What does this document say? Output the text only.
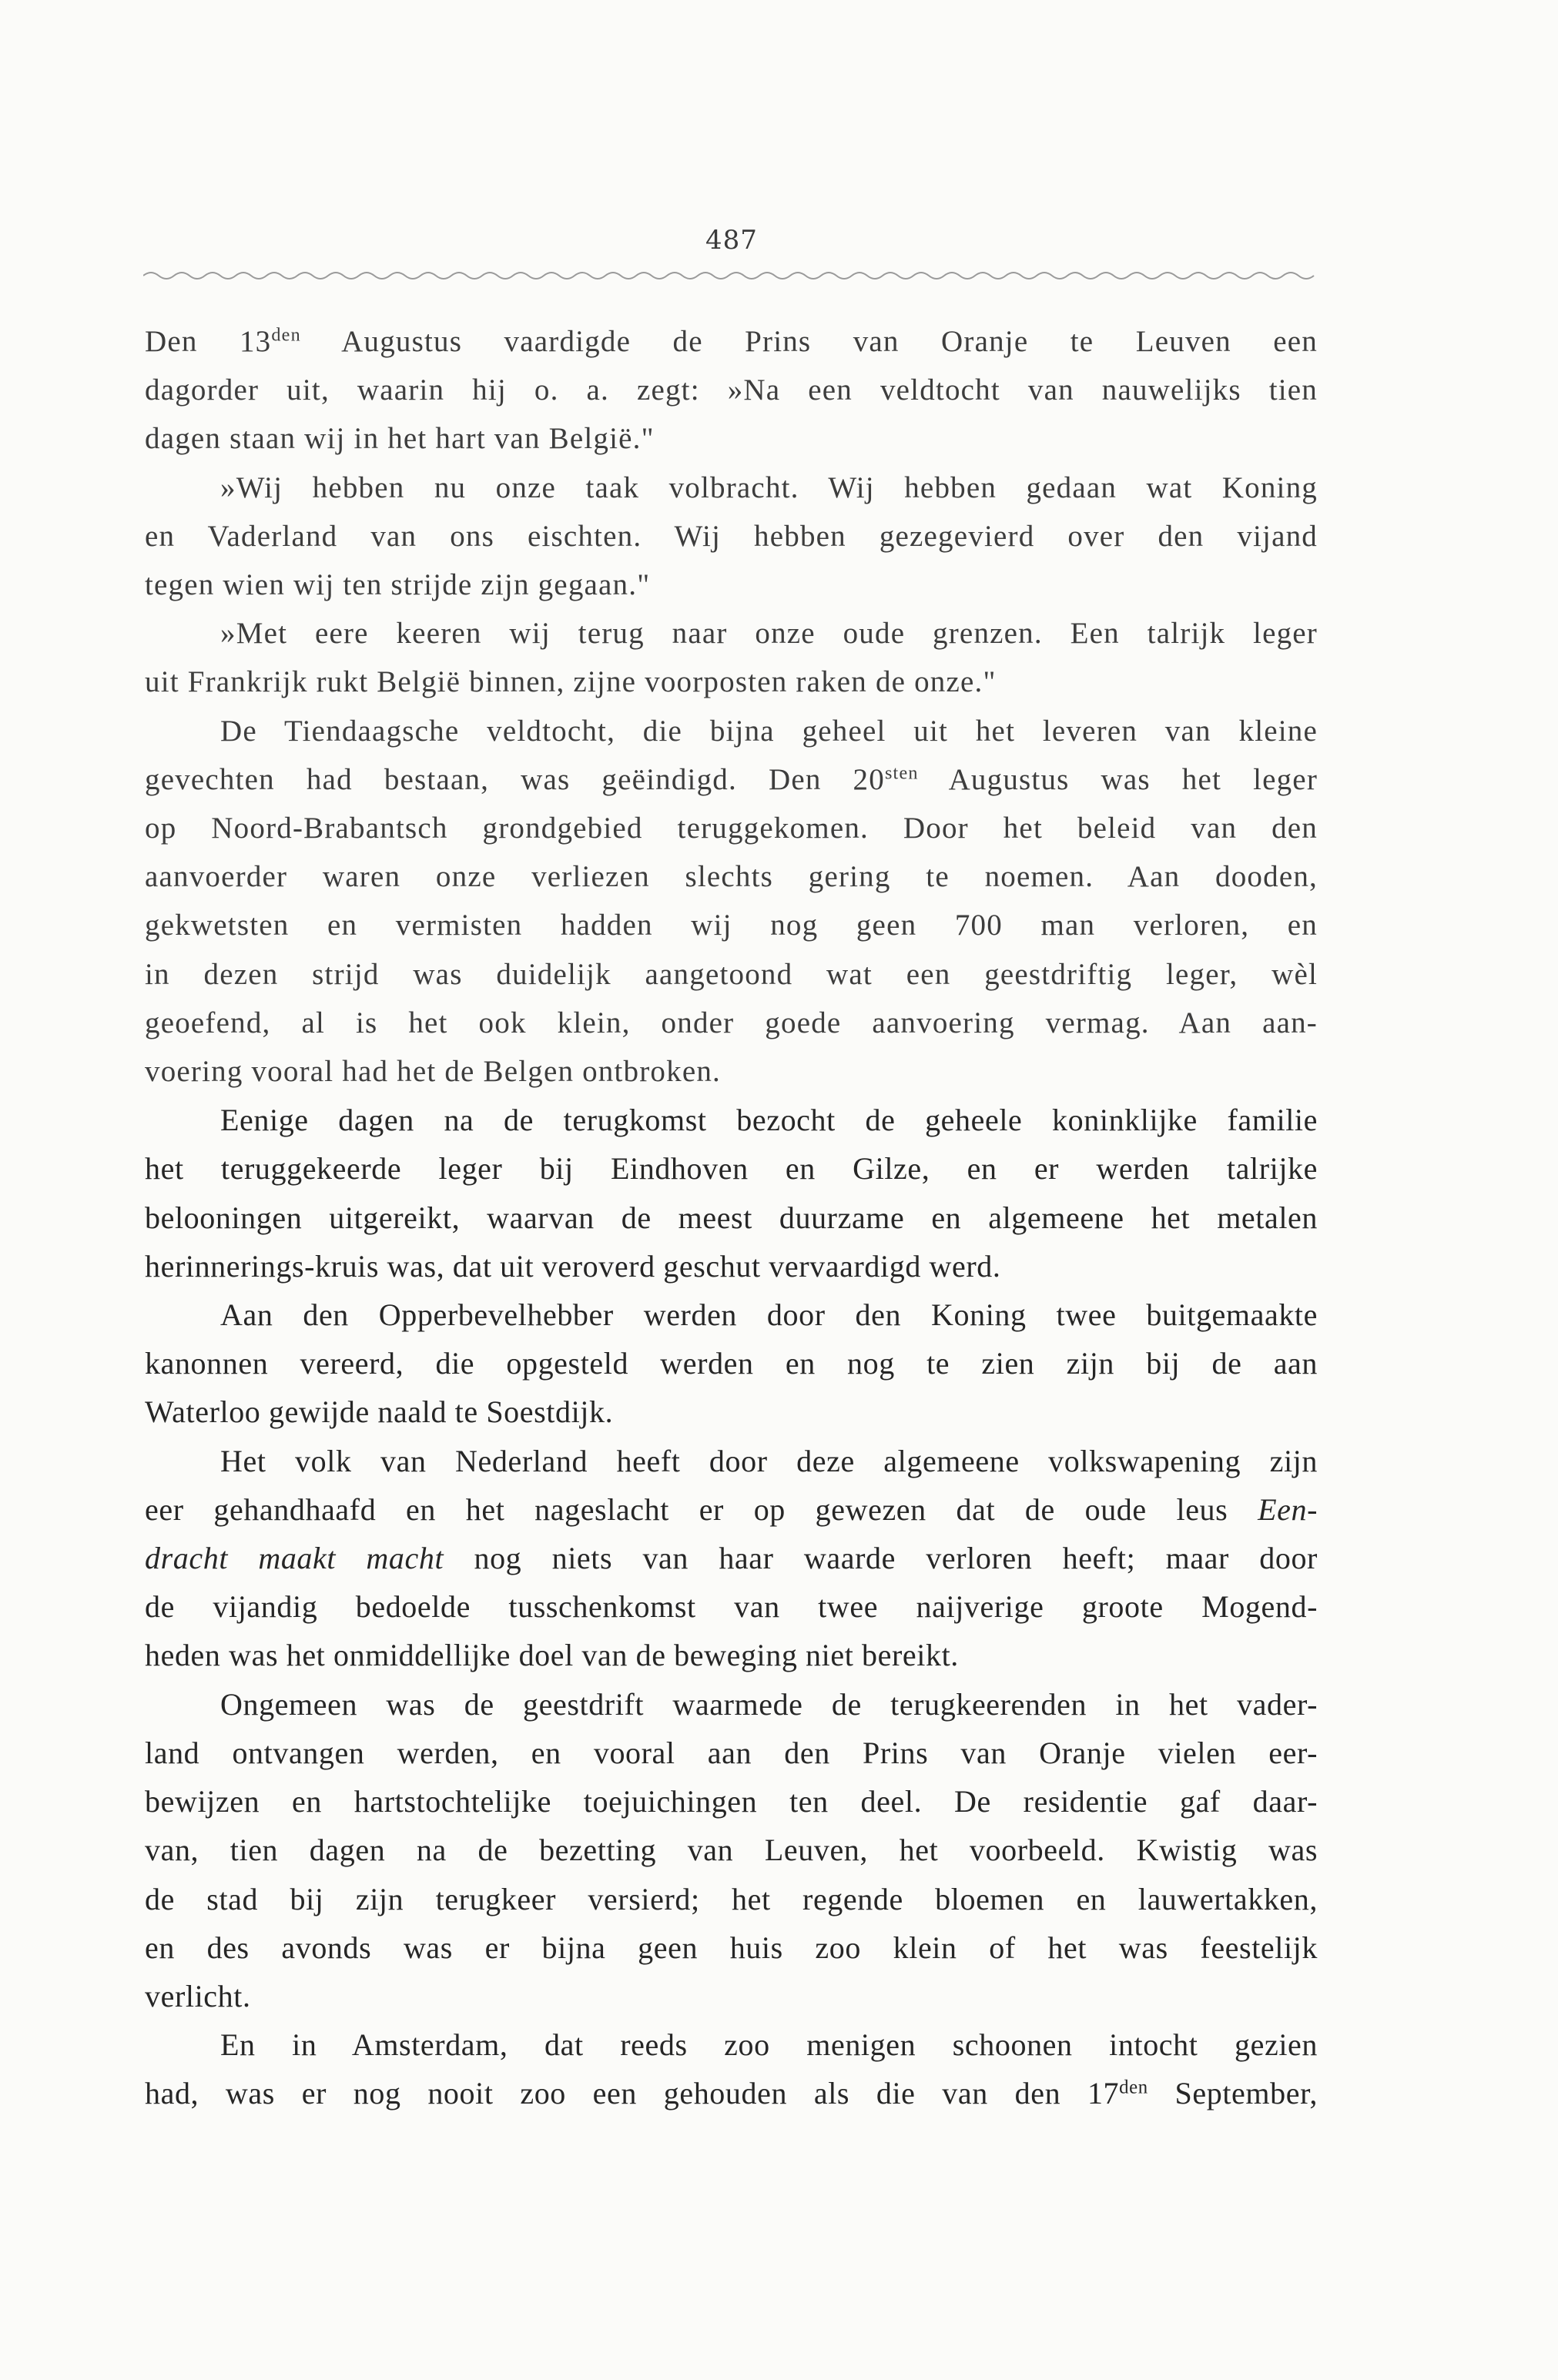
487

Den $13^{den}$ Augustus vaardigde de Prins van Oranje te Leuven een
dagorder uit, waarin hij o. a. zegt: »Na een veldtocht van nauwelijks tien
dagen staan wij in het hart van België."

»Wij hebben nu onze taak volbracht. Wij hebben gedaan wat Koning
en Vaderland van ons eischten. Wij hebben gezegevierd over den vijand
tegen wien wij ten strijde zijn gegaan."

»Met eere keeren wij terug naar onze oude grenzen. Een talrijk leger
uit Frankrijk rukt België binnen, zijne voorposten raken de onze."

De Tiendaagsche veldtocht, die bijna geheel uit het leveren van kleine
gevechten had bestaan, was geëindigd. Den $20^{sten}$ Augustus was het leger
op Noord-Brabantsch grondgebied teruggekomen. Door het beleid van den
aanvoerder waren onze verliezen slechts gering te noemen. Aan dooden,
gekwetsten en vermisten hadden wij nog geen 700 man verloren, en
in dezen strijd was duidelijk aangetoond wat een geestdriftig leger, wèl
geoefend, al is het ook klein, onder goede aanvoering vermag. Aan aan-
voering vooral had het de Belgen ontbroken.

Eenige dagen na de terugkomst bezocht de geheele koninklijke familie
het teruggekeerde leger bij Eindhoven en Gilze, en er werden talrijke
belooningen uitgereikt, waarvan de meest duurzame en algemeene het metalen
herinnerings-kruis was, dat uit veroverd geschut vervaardigd werd.

Aan den Opperbevelhebber werden door den Koning twee buitgemaakte
kanonnen vereerd, die opgesteld werden en nog te zien zijn bij de aan
Waterloo gewijde naald te Soestdijk.

Het volk van Nederland heeft door deze algemeene volkswapening zijn
eer gehandhaafd en het nageslacht er op gewezen dat de oude leus Een-
dracht maakt macht nog niets van haar waarde verloren heeft; maar door
de vijandig bedoelde tusschenkomst van twee naijverige groote Mogend-
heden was het onmiddellijke doel van de beweging niet bereikt.

Ongemeen was de geestdrift waarmede de terugkeerenden in het vader-
land ontvangen werden, en vooral aan den Prins van Oranje vielen eer-
bewijzen en hartstochtelijke toejuichingen ten deel. De residentie gaf daar-
van, tien dagen na de bezetting van Leuven, het voorbeeld. Kwistig was
de stad bij zijn terugkeer versierd; het regende bloemen en lauwertakken,
en des avonds was er bijna geen huis zoo klein of het was feestelijk
verlicht.

En in Amsterdam, dat reeds zoo menigen schoonen intocht gezien
had, was er nog nooit zoo een gehouden als die van den $17^{den}$ September,
